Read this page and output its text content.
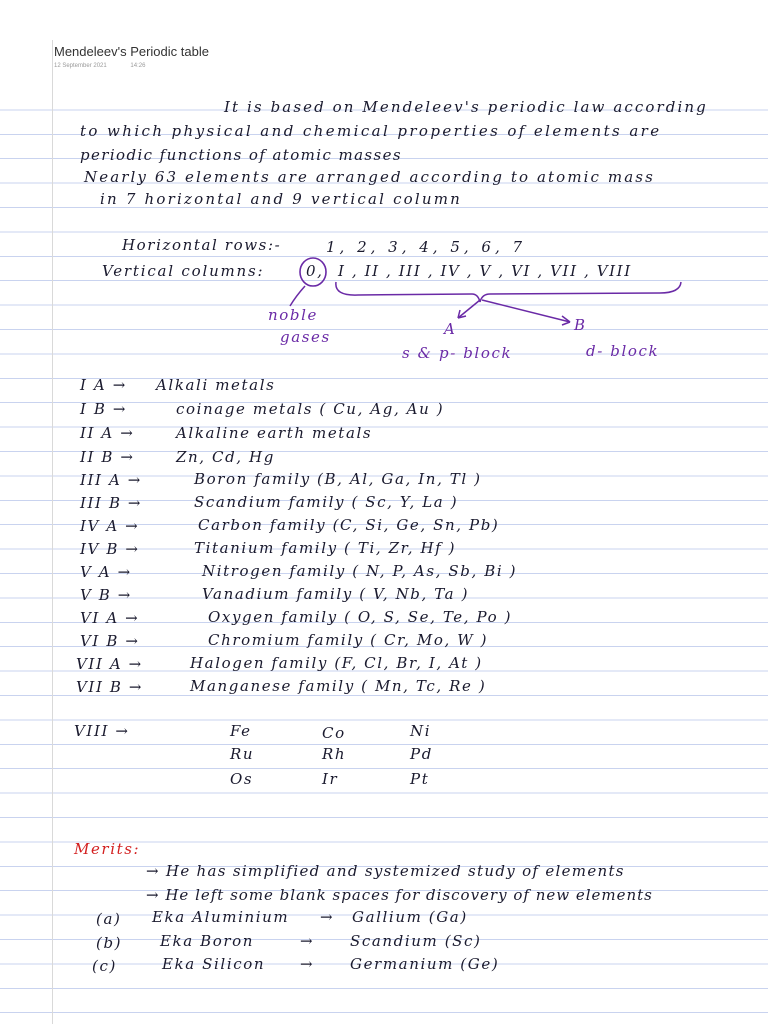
Mendeleev's Periodic table
12 September 2021	14:26
It is based on Mendeleev's periodic law according
to which physical and chemical properties of elements are
periodic functions of atomic masses
Nearly 63 elements are arranged according to atomic mass
in 7 horizontal and 9 vertical column
Horizontal rows:-	1, 2, 3, 4, 5, 6, 7
Vertical columns:	0, I , II , III , IV , V , VI , VII , VIII
noble
gases	A
s & p- block
B
d- block
I A → Alkali metals
I B →	coinage metals ( Cu, Ag, Au )
II A →	Alkaline earth metals
II B →	Zn, Cd, Hg
III A →	Boron family (B, Al, Ga, In, Tl )
III B →	Scandium family ( Sc, Y, La )
IV A →	Carbon family (C, Si, Ge, Sn, Pb)
IV B →	Titanium family ( Ti, Zr, Hf )
V A →	Nitrogen family ( N, P, As, Sb, Bi )
V B →	Vanadium family ( V, Nb, Ta )
VI A →	Oxygen family ( O, S, Se, Te, Po )
VI B →	Chromium family ( Cr, Mo, W )
VII A →	Halogen family (F, Cl, Br, I, At )
VII B →	Manganese family ( Mn, Tc, Re )
VIII →	Fe	Co	Ni
Ru	Rh	Pd
Os	Ir	Pt
Merits:
→ He has simplified and systemized study of elements
→ He left some blank spaces for discovery of new elements
(a) Eka Aluminium → Gallium (Ga)
(b)	Eka Boron	→ Scandium (Sc)
(c)	Eka Silicon → Germanium (Ge)
